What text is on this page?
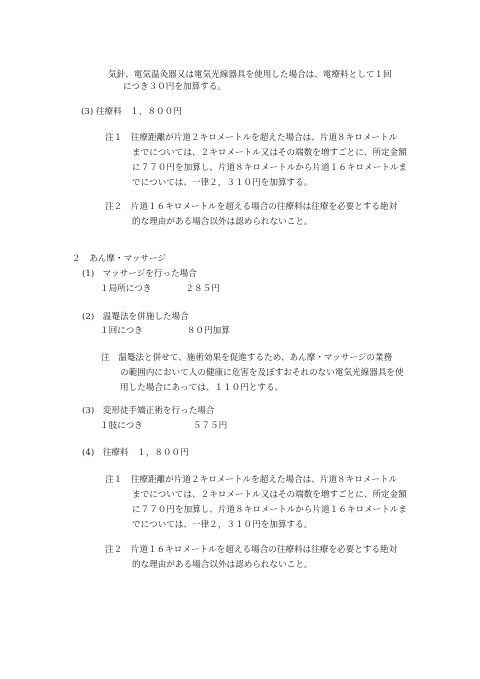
気針、電気温灸器又は電気光線器具を使用した場合は、電療料として１回
につき３０円を加算する。
(3) 往療料　１，８００円
注１　往療距離が片道２キロメートルを超えた場合は、片道８キロメートル
までについては、２キロメートル又はその端数を増すごとに、所定金額
に７７０円を加算し、片道８キロメートルから片道１６キロメートルま
でについては、一律２，３１０円を加算する。
注２　片道１６キロメートルを超える場合の往療料は往療を必要とする絶対
的な理由がある場合以外は認められないこと。
２　あん摩・マッサージ
(1)　マッサージを行った場合
１局所につき	２８５円
(2)　温罨法を併施した場合
１回につき	８０円加算
注　温罨法と併せて、施術効果を促進するため、あん摩・マッサージの業務
の範囲内において人の健康に危害を及ぼすおそれのない電気光線器具を使
用した場合にあっては、１１０円とする。
(3)　変形徒手矯正術を行った場合
１肢につき	５７５円
(4)　往療料　１，８００円
注１　往療距離が片道２キロメートルを超えた場合は、片道８キロメートル
までについては、２キロメートル又はその端数を増すごとに、所定金額
に７７０円を加算し、片道８キロメートルから片道１６キロメートルま
でについては、一律２，３１０円を加算する。
注２　片道１６キロメートルを超える場合の往療料は往療を必要とする絶対
的な理由がある場合以外は認められないこと。
